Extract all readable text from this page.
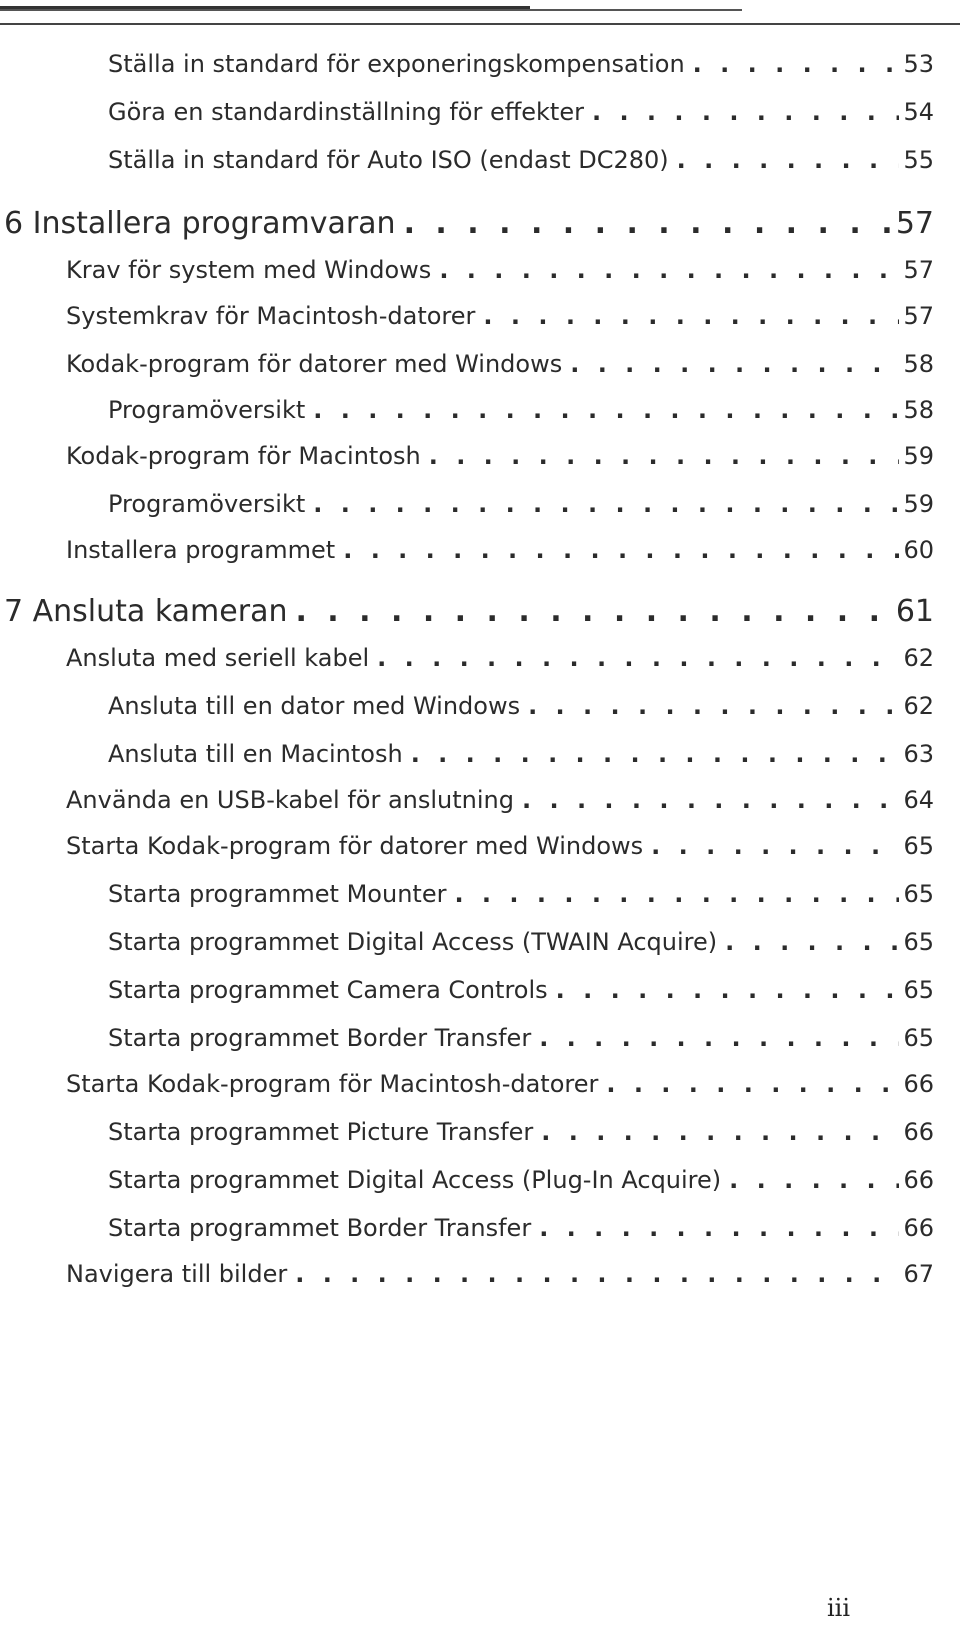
Ställa in standard för exponeringskompensation . . .	53
Göra en standardinställning för effekter . . .	54
Ställa in standard för Auto ISO (endast DC280) . . .	55
6 Installera programvaran . . .	57
Krav för system med Windows . . .	57
Systemkrav för Macintosh-datorer . . .	57
Kodak-program för datorer med Windows . . .	58
Programöversikt . . .	58
Kodak-program för Macintosh . . .	59
Programöversikt . . .	59
Installera programmet . . .	60
7 Ansluta kameran . . .	61
Ansluta med seriell kabel . . .	62
Ansluta till en dator med Windows . . .	62
Ansluta till en Macintosh . . .	63
Använda en USB-kabel för anslutning . . .	64
Starta Kodak-program för datorer med Windows . . .	65
Starta programmet Mounter . . .	65
Starta programmet Digital Access (TWAIN Acquire) . . .	65
Starta programmet Camera Controls . . .	65
Starta programmet Border Transfer . . .	65
Starta Kodak-program för Macintosh-datorer . . .	66
Starta programmet Picture Transfer . . .	66
Starta programmet Digital Access (Plug-In Acquire) . . .	66
Starta programmet Border Transfer . . .	66
Navigera till bilder . . .	67
iii
